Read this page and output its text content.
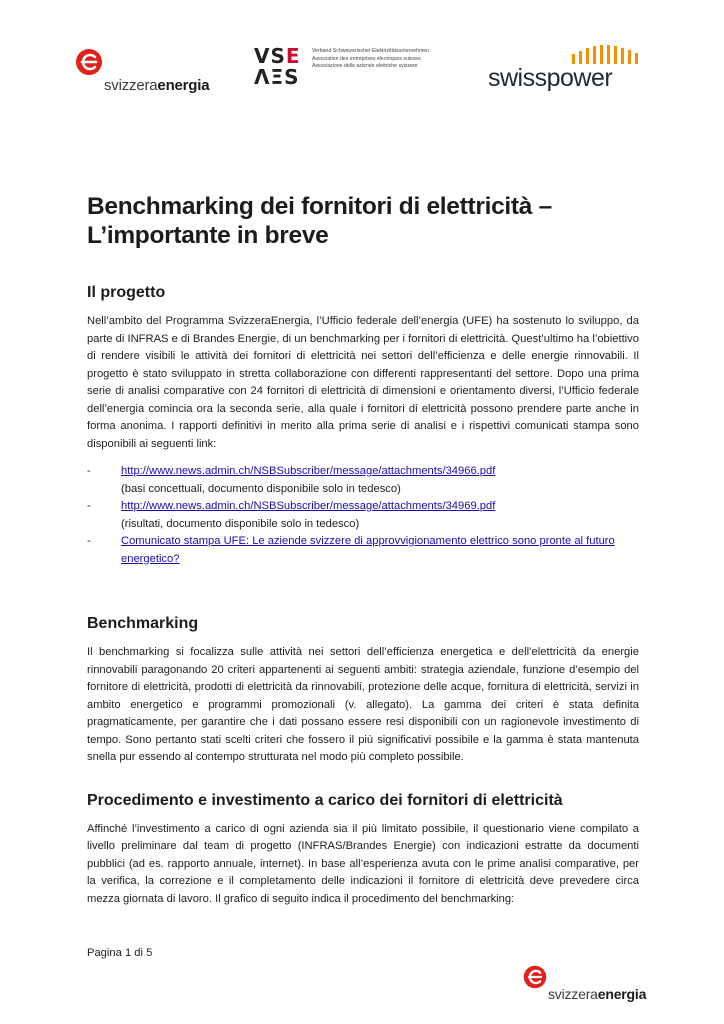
svizzeraenergia
VSE
ΛΞS
Verband Schweizerischer Elektrizitätsunternehmen
Association des entreprises électriques suisses
Associazione delle aziende elettriche svizzere	swisspower
Benchmarking dei fornitori di elettricità –
L’importante in breve
Il progetto

Nell’ambito del Programma SvizzeraEnergia, l’Ufficio federale dell’energia (UFE) ha sostenuto lo sviluppo, da parte di INFRAS e di Brandes Energie, di un benchmarking per i fornitori di elettricità. Quest’ultimo ha l’obiettivo di rendere visibili le attività dei fornitori di elettricità nei settori dell’efficienza e delle energie rinnovabili. Il progetto è stato sviluppato in stretta collaborazione con differenti rappresentanti del settore. Dopo una prima serie di analisi comparative con 24 fornitori di elettricità di dimensioni e orientamento diversi, l’Ufficio federale dell’energia comincia ora la seconda serie, alla quale i fornitori di elettricità possono prendere parte anche in forma anonima. I rapporti definitivi in merito alla prima serie di analisi e i rispettivi comunicati stampa sono disponibili ai seguenti link:

-	http://www.news.admin.ch/NSBSubscriber/message/attachments/34966.pdf
(basi concettuali, documento disponibile solo in tedesco)
-	http://www.news.admin.ch/NSBSubscriber/message/attachments/34969.pdf
(risultati, documento disponibile solo in tedesco)
-	Comunicato stampa UFE: Le aziende svizzere di approvvigionamento elettrico sono pronte al futuro energetico?
Benchmarking

Il benchmarking si focalizza sulle attività nei settori dell’efficienza energetica e dell’elettricità da energie rinnovabili paragonando 20 criteri appartenenti ai seguenti ambiti: strategia aziendale, funzione d’esempio del fornitore di elettricità, prodotti di elettricità da rinnovabili, protezione delle acque, fornitura di elettricità, servizi in ambito energetico e programmi promozionali (v. allegato). La gamma dei criteri è stata definita pragmaticamente, per garantire che i dati possano essere resi disponibili con un ragionevole investimento di tempo. Sono pertanto stati scelti criteri che fossero il più significativi possibile e la gamma è stata mantenuta snella pur essendo al contempo strutturata nel modo più completo possibile.

Procedimento e investimento a carico dei fornitori di elettricità

Affinché l’investimento a carico di ogni azienda sia il più limitato possibile, il questionario viene compilato a livello preliminare dal team di progetto (INFRAS/Brandes Energie) con indicazioni estratte da documenti pubblici (ad es. rapporto annuale, internet). In base all’esperienza avuta con le prime analisi comparative, per la verifica, la correzione e il completamento delle indicazioni il fornitore di elettricità deve prevedere circa mezza giornata di lavoro. Il grafico di seguito indica il procedimento del benchmarking:

Pagina 1 di 5
svizzeraenergia
